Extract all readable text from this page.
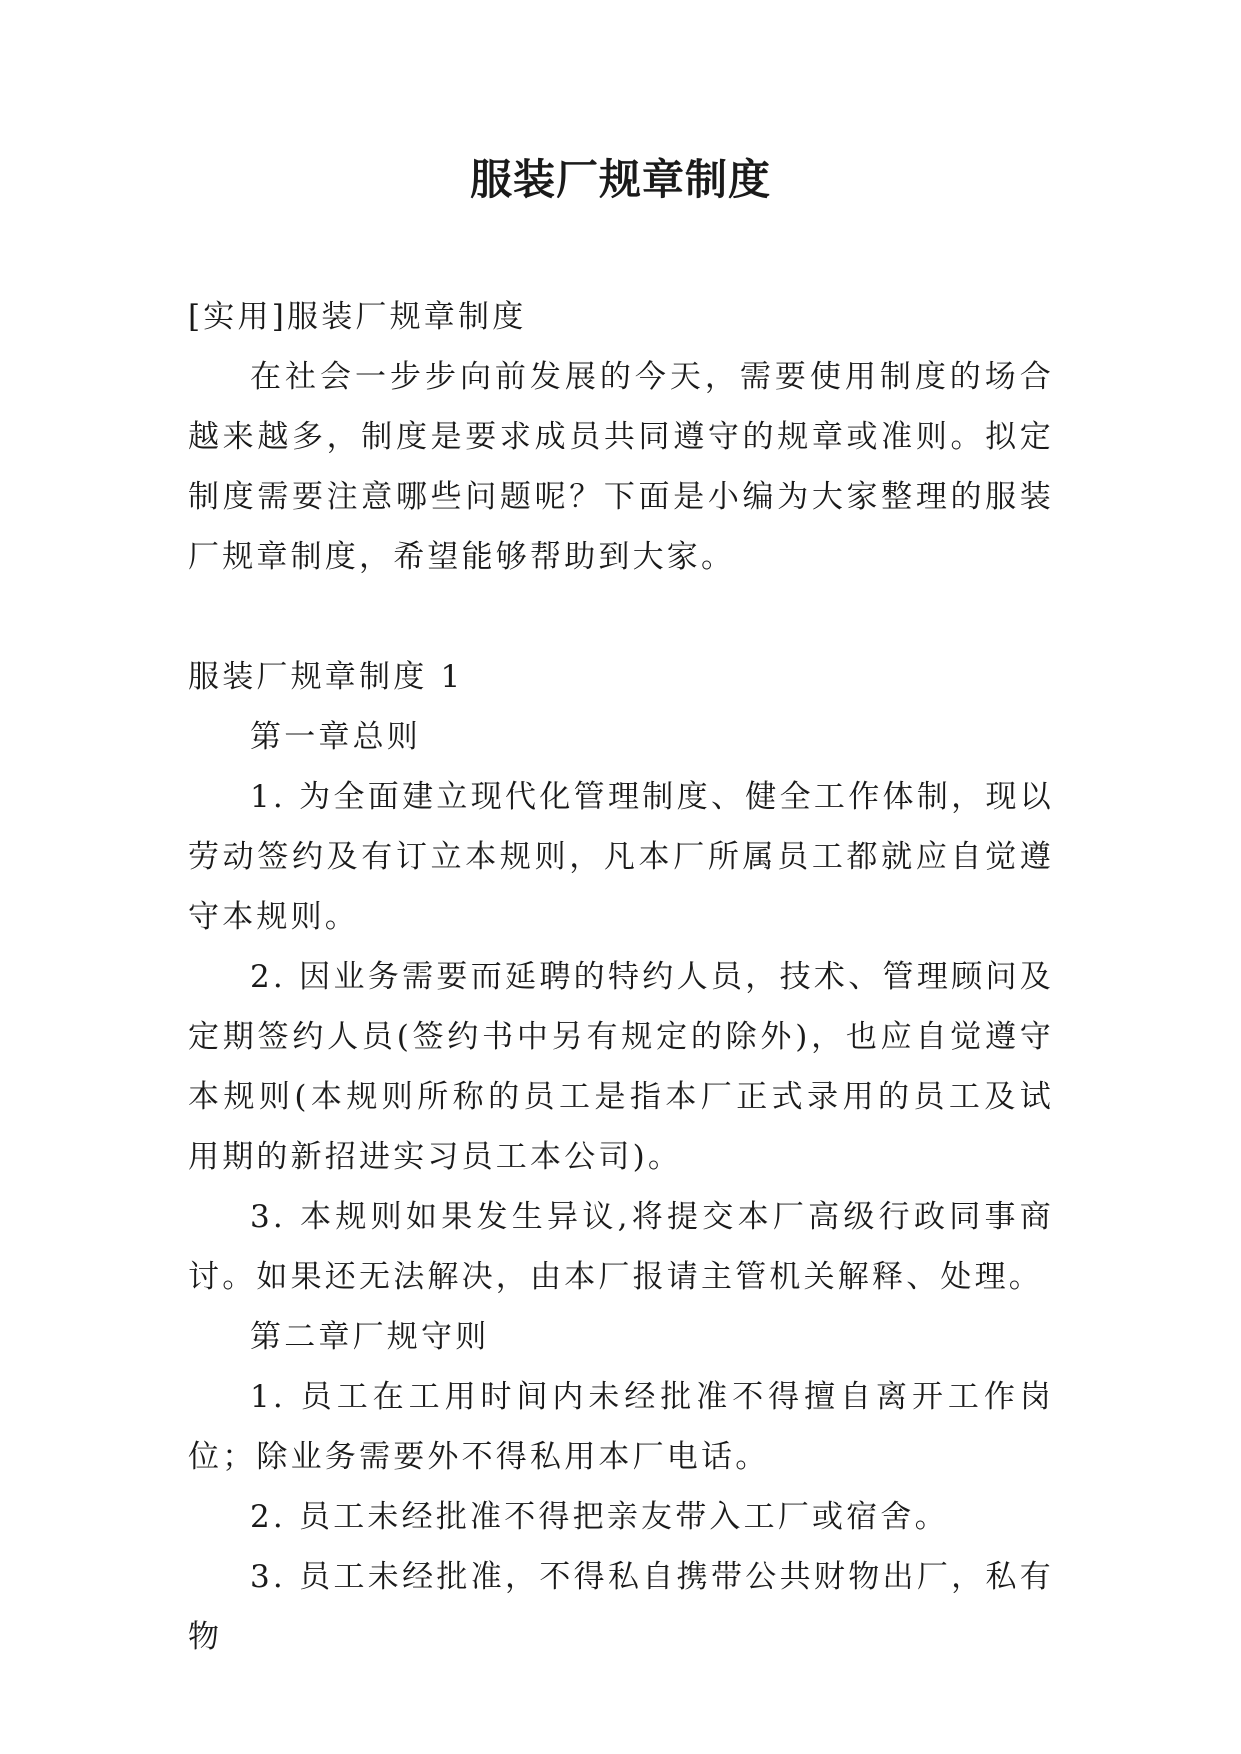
服装厂规章制度

[实用]服装厂规章制度

在社会一步步向前发展的今天，需要使用制度的场合越来越多，制度是要求成员共同遵守的规章或准则。拟定制度需要注意哪些问题呢？下面是小编为大家整理的服装厂规章制度，希望能够帮助到大家。

服装厂规章制度 1

第一章总则

1. 为全面建立现代化管理制度、健全工作体制，现以劳动签约及有订立本规则，凡本厂所属员工都就应自觉遵守本规则。

2. 因业务需要而延聘的特约人员，技术、管理顾问及定期签约人员(签约书中另有规定的除外)，也应自觉遵守本规则(本规则所称的员工是指本厂正式录用的员工及试用期的新招进实习员工本公司)。

3. 本规则如果发生异议,将提交本厂高级行政同事商讨。如果还无法解决，由本厂报请主管机关解释、处理。

第二章厂规守则

1. 员工在工用时间内未经批准不得擅自离开工作岗位；除业务需要外不得私用本厂电话。

2. 员工未经批准不得把亲友带入工厂或宿舍。

3. 员工未经批准，不得私自携带公共财物出厂，私有物
